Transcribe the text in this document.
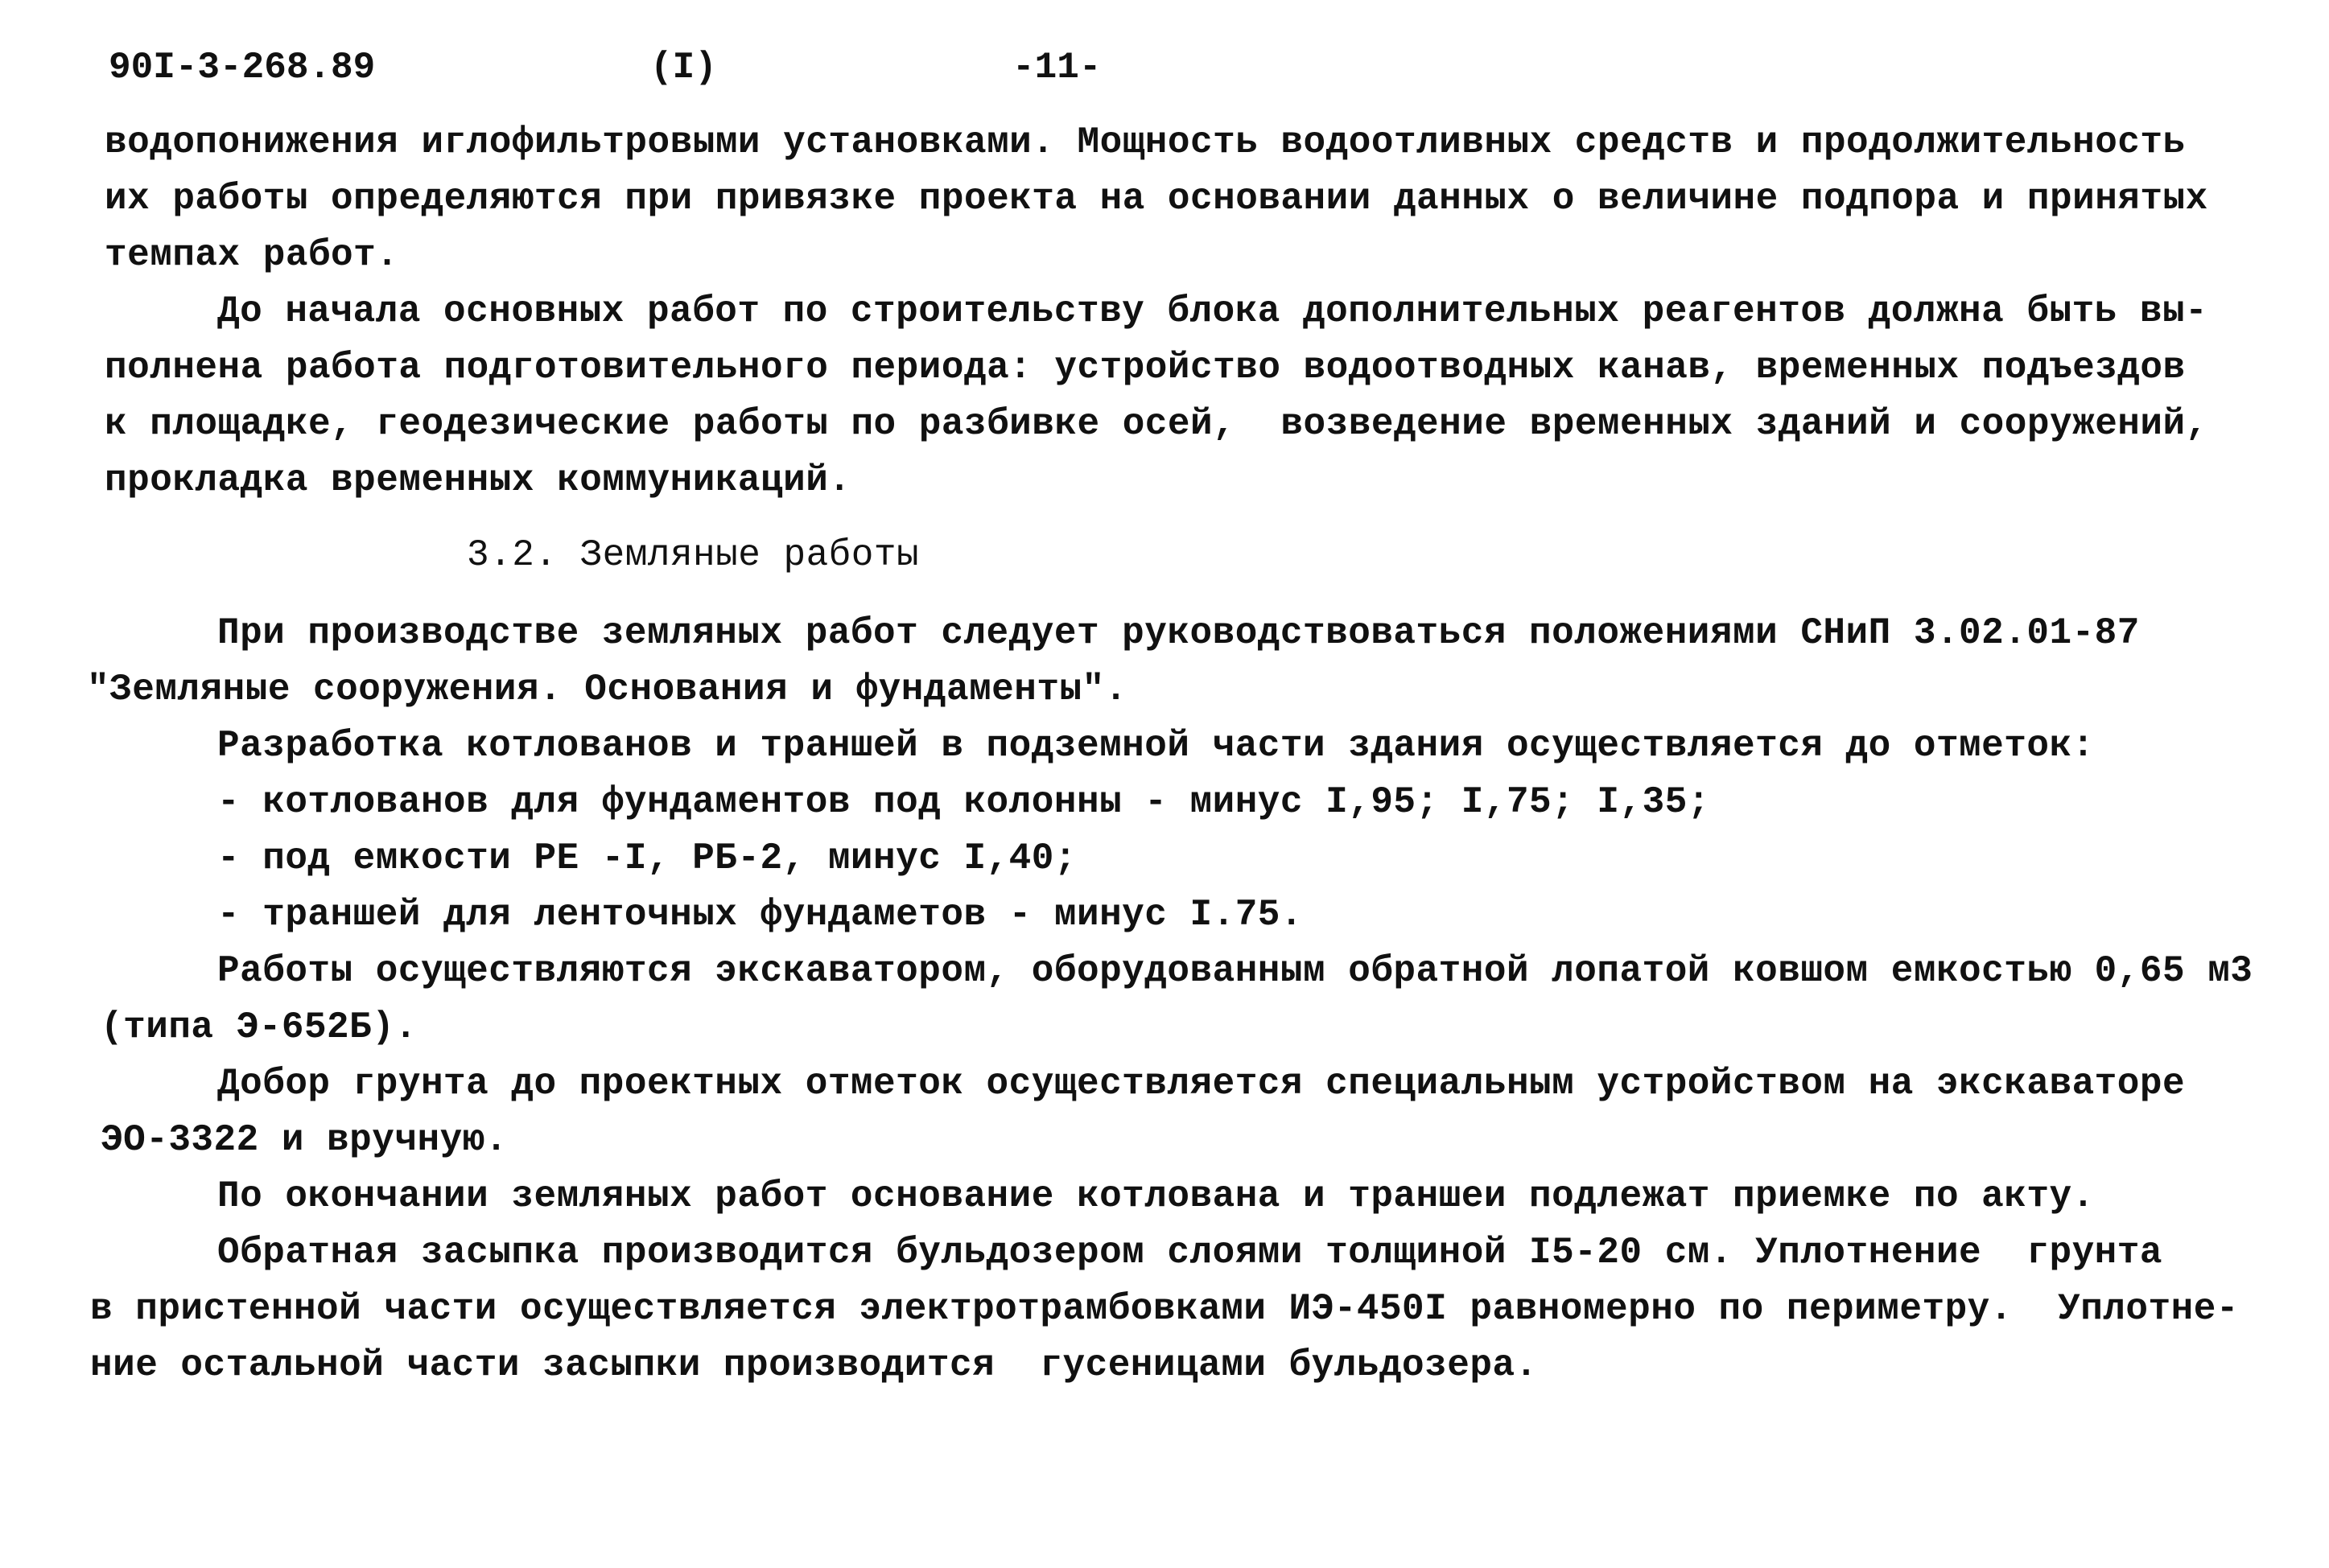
90I-3-268.89	(I)	-11-
водопонижения иглофильтровыми установками. Мощность водоотливных средств и продолжительность
их работы определяются при привязке проекта на основании данных о величине подпора и принятых
темпах работ.
До начала основных работ по строительству блока дополнительных реагентов должна быть вы-
полнена работа подготовительного периода: устройство водоотводных канав, временных подъездов
к площадке, геодезические работы по разбивке осей,  возведение временных зданий и сооружений,
прокладка временных коммуникаций.
3.2. Земляные работы
При производстве земляных работ следует руководствоваться положениями СНиП 3.02.01-87
"Земляные сооружения. Основания и фундаменты".
Разработка котлованов и траншей в подземной части здания осуществляется до отметок:
- котлованов для фундаментов под колонны - минус I,95; I,75; I,35;
- под емкости РЕ -I, РБ-2, минус I,40;
- траншей для ленточных фундаметов - минус I.75.
Работы осуществляются экскаватором, оборудованным обратной лопатой ковшом емкостью 0,65 м3
(типа Э-652Б).
Добор грунта до проектных отметок осуществляется специальным устройством на экскаваторе
ЭО-3322 и вручную.
По окончании земляных работ основание котлована и траншеи подлежат приемке по акту.
Обратная засыпка производится бульдозером слоями толщиной I5-20 см. Уплотнение  грунта
в пристенной части осуществляется электротрамбовками ИЭ-450I равномерно по периметру.  Уплотне-
ние остальной части засыпки производится  гусеницами бульдозера.
